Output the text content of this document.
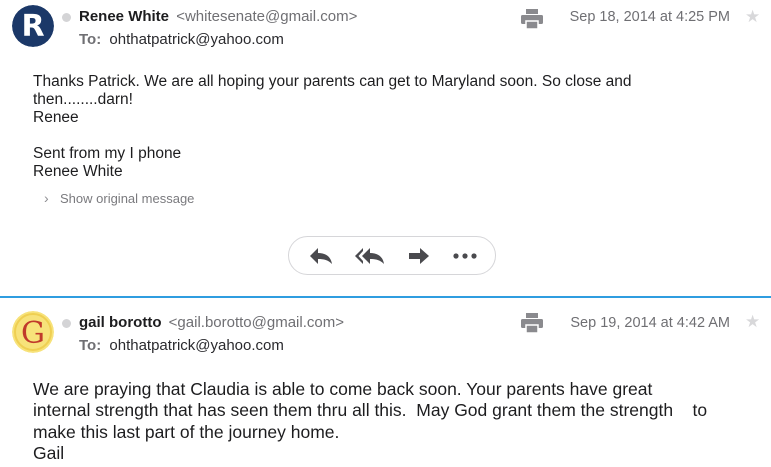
R Renee White <whitesenate@gmail.com>
To: ohthatpatrick@yahoo.com
Sep 18, 2014 at 4:25 PM ★

Thanks Patrick. We are all hoping your parents can get to Maryland soon. So close and

then........darn!

Renee

Sent from my I phone

Renee White

› Show original message
G gail borotto <gail.borotto@gmail.com>
To: ohthatpatrick@yahoo.com
Sep 19, 2014 at 4:42 AM ★

We are praying that Claudia is able to come back soon. Your parents have great

internal strength that has seen them thru all this.  May God grant them the strength    to

make this last part of the journey home.

Gail
